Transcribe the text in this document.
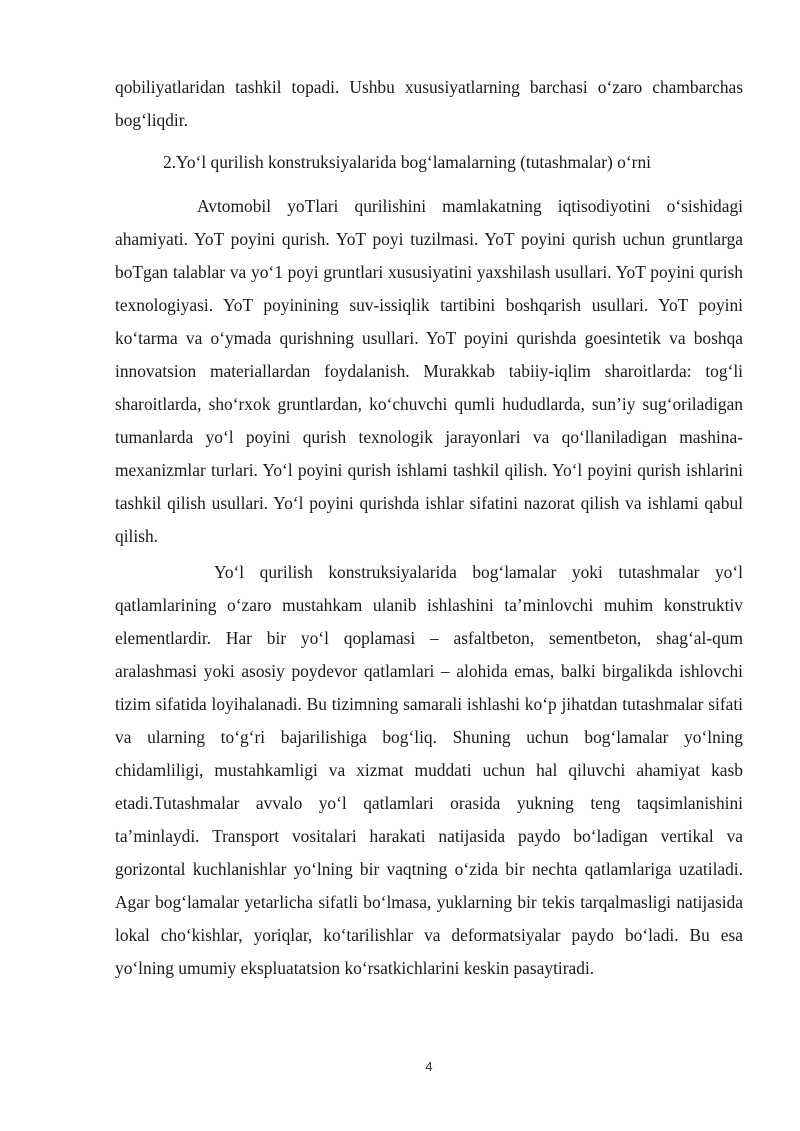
qobiliyatlaridan tashkil topadi. Ushbu xususiyatlarning barchasi o‘zaro chambarchas bog‘liqdir.

2.Yo‘l qurilish konstruksiyalarida bog‘lamalarning (tutashmalar) o‘rni

Avtomobil yoTlari qurilishini mamlakatning iqtisodiyotini o‘sishidagi ahamiyati. YoT poyini qurish. YoT poyi tuzilmasi. YoT poyini qurish uchun gruntlarga boTgan talablar va yo‘1 poyi gruntlari xususiyatini yaxshilash usullari. YoT poyini qurish texnologiyasi. YoT poyinining suv-issiqlik tartibini boshqarish usullari. YoT poyini ko‘tarma va o‘ymada qurishning usullari. YoT poyini qurishda goesintetik va boshqa innovatsion materiallardan foydalanish. Murakkab tabiiy-iqlim sharoitlarda: tog‘li sharoitlarda, sho‘rxok gruntlardan, ko‘chuvchi qumli hududlarda, sun’iy sug‘oriladigan tumanlarda yo‘l poyini qurish texnologik jarayonlari va qo‘llaniladigan mashina-mexanizmlar turlari. Yo‘l poyini qurish ishlami tashkil qilish. Yo‘l poyini qurish ishlarini tashkil qilish usullari. Yo‘l poyini qurishda ishlar sifatini nazorat qilish va ishlami qabul qilish.

Yo‘l qurilish konstruksiyalarida bog‘lamalar yoki tutashmalar yo‘l qatlamlarining o‘zaro mustahkam ulanib ishlashini ta’minlovchi muhim konstruktiv elementlardir. Har bir yo‘l qoplamasi – asfaltbeton, sementbeton, shag‘al-qum aralashmasi yoki asosiy poydevor qatlamlari – alohida emas, balki birgalikda ishlovchi tizim sifatida loyihalanadi. Bu tizimning samarali ishlashi ko‘p jihatdan tutashmalar sifati va ularning to‘g‘ri bajarilishiga bog‘liq. Shuning uchun bog‘lamalar yo‘lning chidamliligi, mustahkamligi va xizmat muddati uchun hal qiluvchi ahamiyat kasb etadi.Tutashmalar avvalo yo‘l qatlamlari orasida yukning teng taqsimlanishini ta’minlaydi. Transport vositalari harakati natijasida paydo bo‘ladigan vertikal va gorizontal kuchlanishlar yo‘lning bir vaqtning o‘zida bir nechta qatlamlariga uzatiladi. Agar bog‘lamalar yetarlicha sifatli bo‘lmasa, yuklarning bir tekis tarqalmasligi natijasida lokal cho‘kishlar, yoriqlar, ko‘tarilishlar va deformatsiyalar paydo bo‘ladi. Bu esa yo‘lning umumiy ekspluatatsion ko‘rsatkichlarini keskin pasaytiradi.

4
